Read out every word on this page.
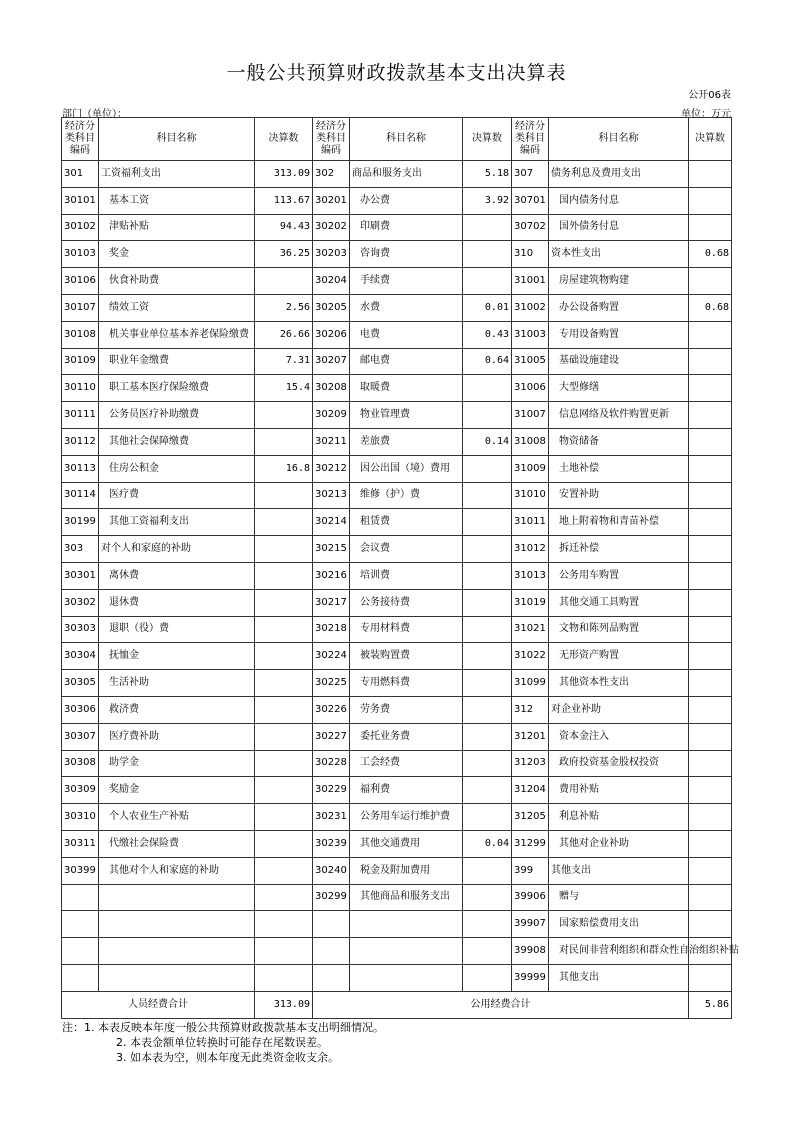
一般公共预算财政拨款基本支出决算表
公开06表
部门（单位）：	单位：万元
经济分类科目编码	科目名称	决算数	经济分类科目编码	科目名称	决算数	经济分类科目编码	科目名称	决算数
301	工资福利支出	313.09	302	商品和服务支出	5.18	307	债务利息及费用支出	
30101	基本工资	113.67	30201	办公费	3.92	30701	国内债务付息	
30102	津贴补贴	94.43	30202	印刷费		30702	国外债务付息	
30103	奖金	36.25	30203	咨询费		310	资本性支出	0.68
30106	伙食补助费		30204	手续费		31001	房屋建筑物购建	
30107	绩效工资	2.56	30205	水费	0.01	31002	办公设备购置	0.68
30108	机关事业单位基本养老保险缴费	26.66	30206	电费	0.43	31003	专用设备购置	
30109	职业年金缴费	7.31	30207	邮电费	0.64	31005	基础设施建设	
30110	职工基本医疗保险缴费	15.4	30208	取暖费		31006	大型修缮	
30111	公务员医疗补助缴费		30209	物业管理费		31007	信息网络及软件购置更新	
30112	其他社会保障缴费		30211	差旅费	0.14	31008	物资储备	
30113	住房公积金	16.8	30212	因公出国（境）费用		31009	土地补偿	
30114	医疗费		30213	维修（护）费		31010	安置补助	
30199	其他工资福利支出		30214	租赁费		31011	地上附着物和青苗补偿	
303	对个人和家庭的补助		30215	会议费		31012	拆迁补偿	
30301	离休费		30216	培训费		31013	公务用车购置	
30302	退休费		30217	公务接待费		31019	其他交通工具购置	
30303	退职（役）费		30218	专用材料费		31021	文物和陈列品购置	
30304	抚恤金		30224	被装购置费		31022	无形资产购置	
30305	生活补助		30225	专用燃料费		31099	其他资本性支出	
30306	救济费		30226	劳务费		312	对企业补助	
30307	医疗费补助		30227	委托业务费		31201	资本金注入	
30308	助学金		30228	工会经费		31203	政府投资基金股权投资	
30309	奖励金		30229	福利费		31204	费用补贴	
30310	个人农业生产补贴		30231	公务用车运行维护费		31205	利息补贴	
30311	代缴社会保险费		30239	其他交通费用	0.04	31299	其他对企业补助	
30399	其他对个人和家庭的补助		30240	税金及附加费用		399	其他支出	
			30299	其他商品和服务支出		39906	赠与	
						39907	国家赔偿费用支出	
						39908	对民间非营利组织和群众性自治组织补贴	
						39999	其他支出	
人员经费合计		313.09	公用经费合计					5.86
注：1. 本表反映本年度一般公共预算财政拨款基本支出明细情况。
2. 本表金额单位转换时可能存在尾数误差。
3. 如本表为空，则本年度无此类资金收支余。
